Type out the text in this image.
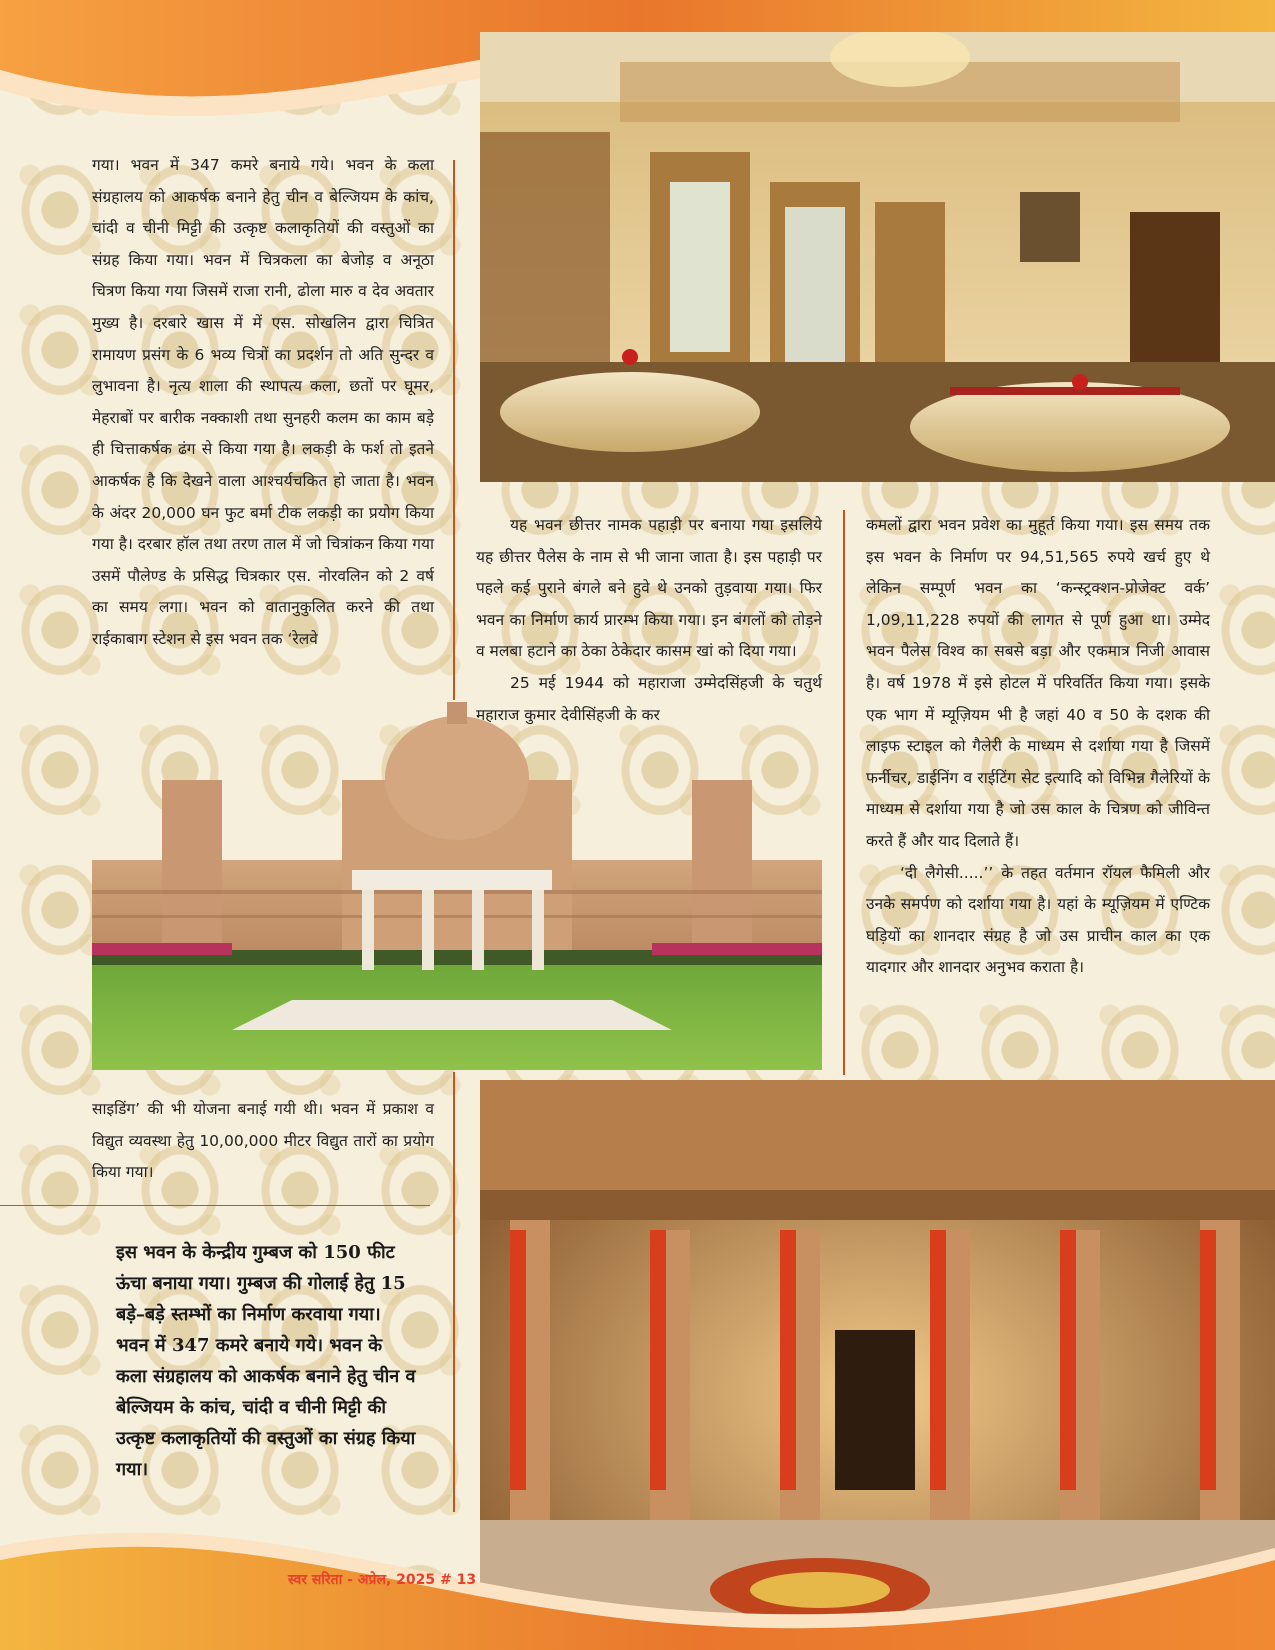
गया। भवन में 347 कमरे बनाये गये। भवन के कला संग्रहालय को आकर्षक बनाने हेतु चीन व बेल्जियम के कांच, चांदी व चीनी मिट्टी की उत्कृष्ट कलाकृतियों की वस्तुओं का संग्रह किया गया। भवन में चित्रकला का बेजोड़ व अनूठा चित्रण किया गया जिसमें राजा रानी, ढोला मारु व देव अवतार मुख्य है। दरबारे खास में में एस. सोखलिन द्वारा चित्रित रामायण प्रसंग के 6 भव्य चित्रों का प्रदर्शन तो अति सुन्दर व लुभावना है। नृत्य शाला की स्थापत्य कला, छतों पर घूमर, मेहराबों पर बारीक नक्काशी तथा सुनहरी कलम का काम बड़े ही चित्ताकर्षक ढंग से किया गया है। लकड़ी के फर्श तो इतने आकर्षक है कि देखने वाला आश्चर्यचकित हो जाता है। भवन के अंदर 20,000 घन फुट बर्मा टीक लकड़ी का प्रयोग किया गया है। दरबार हॉल तथा तरण ताल में जो चित्रांकन किया गया उसमें पौलेण्ड के प्रसिद्ध चित्रकार एस. नोरवलिन को 2 वर्ष का समय लगा। भवन को वातानुकुलित करने की तथा राईकाबाग स्टेशन से इस भवन तक ‘रेलवे

साइडिंग’ की भी योजना बनाई गयी थी। भवन में प्रकाश व विद्युत व्यवस्था हेतु 10,00,000 मीटर विद्युत तारों का प्रयोग किया गया।

यह भवन छीत्तर नामक पहाड़ी पर बनाया गया इसलिये यह छीत्तर पैलेस के नाम से भी जाना जाता है। इस पहाड़ी पर पहले कई पुराने बंगले बने हुवे थे उनको तुड़वाया गया। फिर भवन का निर्माण कार्य प्रारम्भ किया गया। इन बंगलों को तोड़ने व मलबा हटाने का ठेका ठेकेदार कासम खां को दिया गया।

25 मई 1944 को महाराजा उम्मेदसिंहजी के चतुर्थ महाराज कुमार देवीसिंहजी के कर

कमलों द्वारा भवन प्रवेश का मुहूर्त किया गया। इस समय तक इस भवन के निर्माण पर 94,51,565 रुपये खर्च हुए थे लेकिन सम्पूर्ण भवन का ‘कन्स्ट्रक्शन-प्रोजेक्ट वर्क’ 1,09,11,228 रुपयों की लागत से पूर्ण हुआ था। उम्मेद भवन पैलेस विश्व का सबसे बड़ा और एकमात्र निजी आवास है। वर्ष 1978 में इसे होटल में परिवर्तित किया गया। इसके एक भाग में म्यूज़ियम भी है जहां 40 व 50 के दशक की लाइफ स्टाइल को गैलेरी के माध्यम से दर्शाया गया है जिसमें फर्नीचर, डाईनिंग व राईटिंग सेट इत्यादि को विभिन्न गैलेरियों के माध्यम से दर्शाया गया है जो उस काल के चित्रण को जीविन्त करते हैं और याद दिलाते हैं।

‘दी लैगेसी.....’’ के तहत वर्तमान रॉयल फैमिली और उनके समर्पण को दर्शाया गया है। यहां के म्यूज़ियम में एण्टिक घड़ियों का शानदार संग्रह है जो उस प्राचीन काल का एक यादगार और शानदार अनुभव कराता है।

इस भवन के केन्द्रीय गुम्बज को 150 फीट ऊंचा बनाया गया। गुम्बज की गोलाई हेतु 15 बड़े–बड़े स्तम्भों का निर्माण करवाया गया। भवन में 347 कमरे बनाये गये। भवन के कला संग्रहालय को आकर्षक बनाने हेतु चीन व बेल्जियम के कांच, चांदी व चीनी मिट्टी की उत्कृष्ट कलाकृतियों की वस्तुओं का संग्रह किया गया।
स्वर सरिता - अप्रेल, 2025 # 13
